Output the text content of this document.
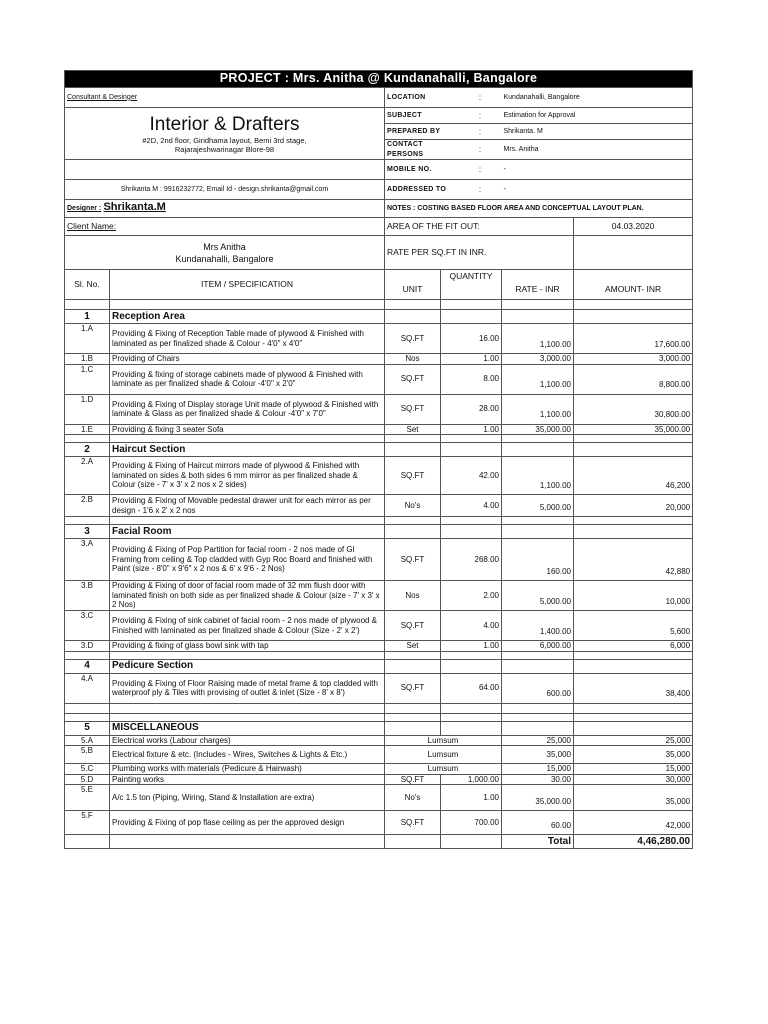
PROJECT : Mrs. Anitha @ Kundanahalli, Bangalore						
Consultant & Desinger		LOCATION		:	Kundanahalli, Bangalore	

Interior & Drafters
#2D, 2nd floor, Giridhama layout, Bemi 3rd stage,
Rajarajeshwarinagar Blore-98		SUBJECT		:	Estimation for Approval	
		PREPARED BY		:	Shrikanta. M	
		CONTACT PERSONS		:	Mrs. Anitha	
		MOBILE NO.		:	-	
Shrikanta M : 9916232772, Email Id - design.shrikanta@gmail.com		ADDRESSED TO		:	-	
Designer : Shrikanta.M		NOTES : COSTING BASED FLOOR AREA AND CONCEPTUAL LAYOUT PLAN.				
Client Name:		AREA OF THE FIT OUT:				04.03.2020

Mrs Anitha
Kundanahalli, Bangalore		RATE PER SQ.FT IN INR.				
Sl. No.	ITEM / SPECIFICATION	UNIT	QUANTITY		RATE - INR	AMOUNT- INR

1	Reception Area					
1.A	Providing & Fixing of Reception Table made of plywood & Finished with laminated as per finalized shade & Colour - 4'0" x 4'0"	SQ.FT	16.00		1,100.00	17,600.00
1.B	Providing of Chairs	Nos	1.00		3,000.00	3,000.00
1.C	Providing & fixing of storage cabinets made of plywood & Finished with laminate as per finalized shade & Colour -4'0" x 2'0"	SQ.FT	8.00		1,100.00	8,800.00
1.D	Providing & Fixing of Display storage Unit made of plywood & Finished with laminate & Glass as per finalized shade & Colour -4'0" x 7'0"	SQ.FT	28.00		1,100.00	30,800.00
1.E	Providing & fixing 3 seater Sofa	Set	1.00		35,000.00	35,000.00

2	Haircut Section					
2.A	Providing & Fixing of Haircut mirrors made of plywood & Finished with laminated on sides & both sides 6 mm mirror as per finalized shade & Colour (size - 7' x 3' x 2 nos x 2 sides)	SQ.FT	42.00		1,100.00	46,200
2.B	Providing & Fixing of Movable pedestal drawer unit for each mirror as per design - 1'6 x 2' x 2 nos	No's	4.00		5,000.00	20,000

3	Facial Room					
3.A	Providing & Fixing of Pop Partition for facial room - 2 nos made of GI Framing from ceiling & Top cladded with Gyp Roc Board and finished with Paint (size - 8'0" x 9'6" x 2 nos & 6' x 9'6 - 2 Nos)	SQ.FT	268.00		160.00	42,880
3.B	Providing & Fixing of door of facial room made of 32 mm flush door with laminated finish on both side as per finalized shade & Colour (size - 7' x 3' x 2 Nos)	Nos	2.00		5,000.00	10,000
3.C	Providing & Fixing of sink cabinet of facial room - 2 nos made of plywood & Finished with laminated as per finalized shade & Colour (Size - 2' x 2')	SQ.FT	4.00		1,400.00	5,600
3.D	Providing & fixing of glass bowl sink with tap	Set	1.00		6,000.00	6,000

4	Pedicure Section					
4.A	Providing & Fixing of Floor Raising made of metal frame & top cladded with waterproof ply & Tiles with provising of outlet & inlet (Size - 8' x 8')	SQ.FT	64.00		600.00	38,400

5	MISCELLANEOUS					
5.A	Electrical works (Labour charges)	Lumsum			25,000	25,000
5.B	Electrical fixture & etc. (Includes - Wires, Switches & Lights & Etc.)	Lumsum			35,000	35,000
5.C	Plumbing works with materials (Pedicure & Hairwash)	Lumsum			15,000	15,000
5.D	Painting works	SQ.FT	1,000.00		30.00	30,000
5.E	A/c 1.5 ton (Piping, Wiring, Stand & Installation are extra)	No's	1.00		35,000.00	35,000
5.F	Providing & Fixing of pop flase ceiling as per the approved design	SQ.FT	700.00		60.00	42,000
					Total	4,46,280.00
